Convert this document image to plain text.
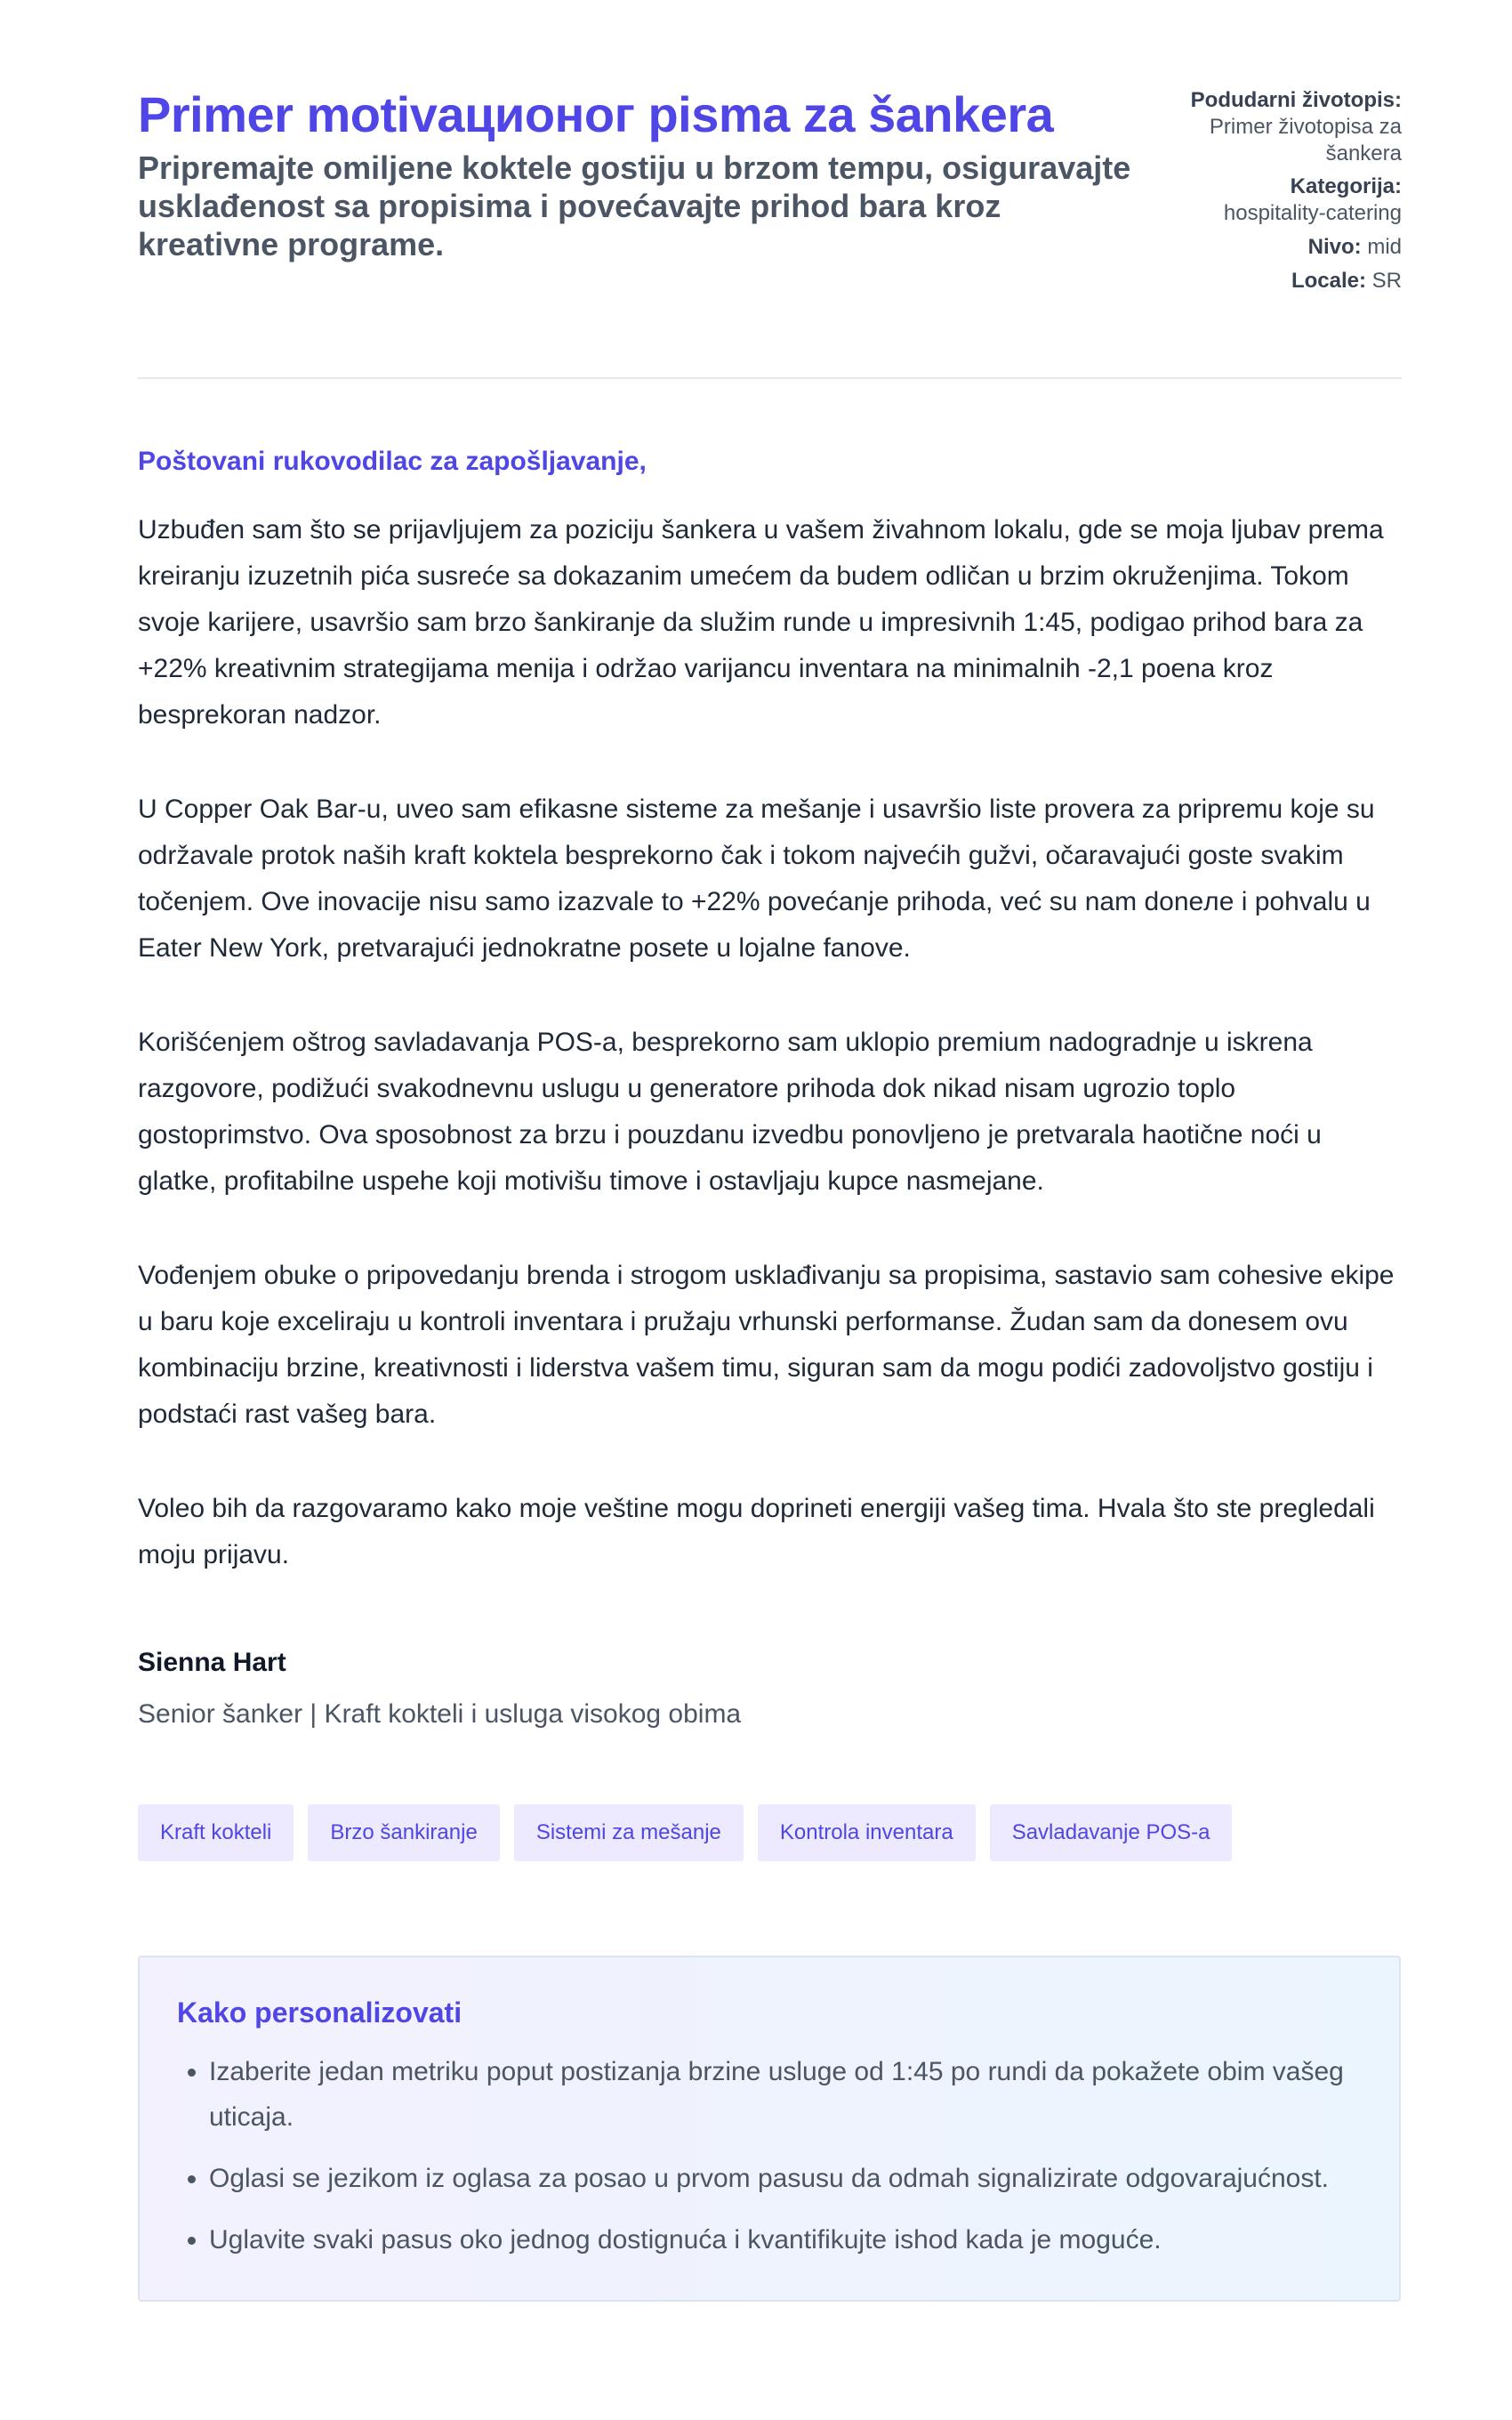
Primer motivaционог pisma za šankera

Pripremajte omiljene koktele gostiju u brzom tempu, osiguravajte usklađenost sa propisima i povećavajte prihod bara kroz kreativne programe.

Podudarni životopis:
Primer životopisa za šankera
Kategorija:
hospitality-catering
Nivo: mid
Locale: SR

Poštovani rukovodilac za zapošljavanje,

Uzbuđen sam što se prijavljujem za poziciju šankera u vašem živahnom lokalu, gde se moja ljubav prema kreiranju izuzetnih pića susreće sa dokazanim umećem da budem odličan u brzim okruženjima. Tokom svoje karijere, usavršio sam brzo šankiranje da služim runde u impresivnih 1:45, podigao prihod bara za +22% kreativnim strategijama menija i održao varijancu inventara na minimalnih -2,1 poena kroz besprekoran nadzor.

U Copper Oak Bar-u, uveo sam efikasne sisteme za mešanje i usavršio liste provera za pripremu koje su održavale protok naših kraft koktela besprekorno čak i tokom najvećih gužvi, očaravajući goste svakim točenjem. Ove inovacije nisu samo izazvale to +22% povećanje prihoda, već su nam doneле i pohvalu u Eater New York, pretvarajući jednokratne posete u lojalne fanove.

Korišćenjem oštrog savladavanja POS-a, besprekorno sam uklopio premium nadogradnje u iskrena razgovore, podižući svakodnevnu uslugu u generatore prihoda dok nikad nisam ugrozio toplo gostoprimstvo. Ova sposobnost za brzu i pouzdanu izvedbu ponovljeno je pretvarala haotične noći u glatke, profitabilne uspehe koji motivišu timove i ostavljaju kupce nasmejane.

Vođenjem obuke o pripovedanju brenda i strogom usklađivanju sa propisima, sastavio sam cohesive ekipe u baru koje exceliraju u kontroli inventara i pružaju vrhunski performanse. Žudan sam da donesem ovu kombinaciju brzine, kreativnosti i liderstva vašem timu, siguran sam da mogu podići zadovoljstvo gostiju i podstaći rast vašeg bara.

Voleo bih da razgovaramo kako moje veštine mogu doprineti energiji vašeg tima. Hvala što ste pregledali moju prijavu.

Sienna Hart

Senior šanker | Kraft kokteli i usluga visokog obima

Kraft kokteli	Brzo šankiranje	Sistemi za mešanje	Kontrola inventara	Savladavanje POS-a
Kako personalizovati
• Izaberite jedan metriku poput postizanja brzine usluge od 1:45 po rundi da pokažete obim vašeg uticaja.
• Oglasi se jezikom iz oglasa za posao u prvom pasusu da odmah signalizirate odgovarajućnost.
• Uglavite svaki pasus oko jednog dostignuća i kvantifikujte ishod kada je moguće.
